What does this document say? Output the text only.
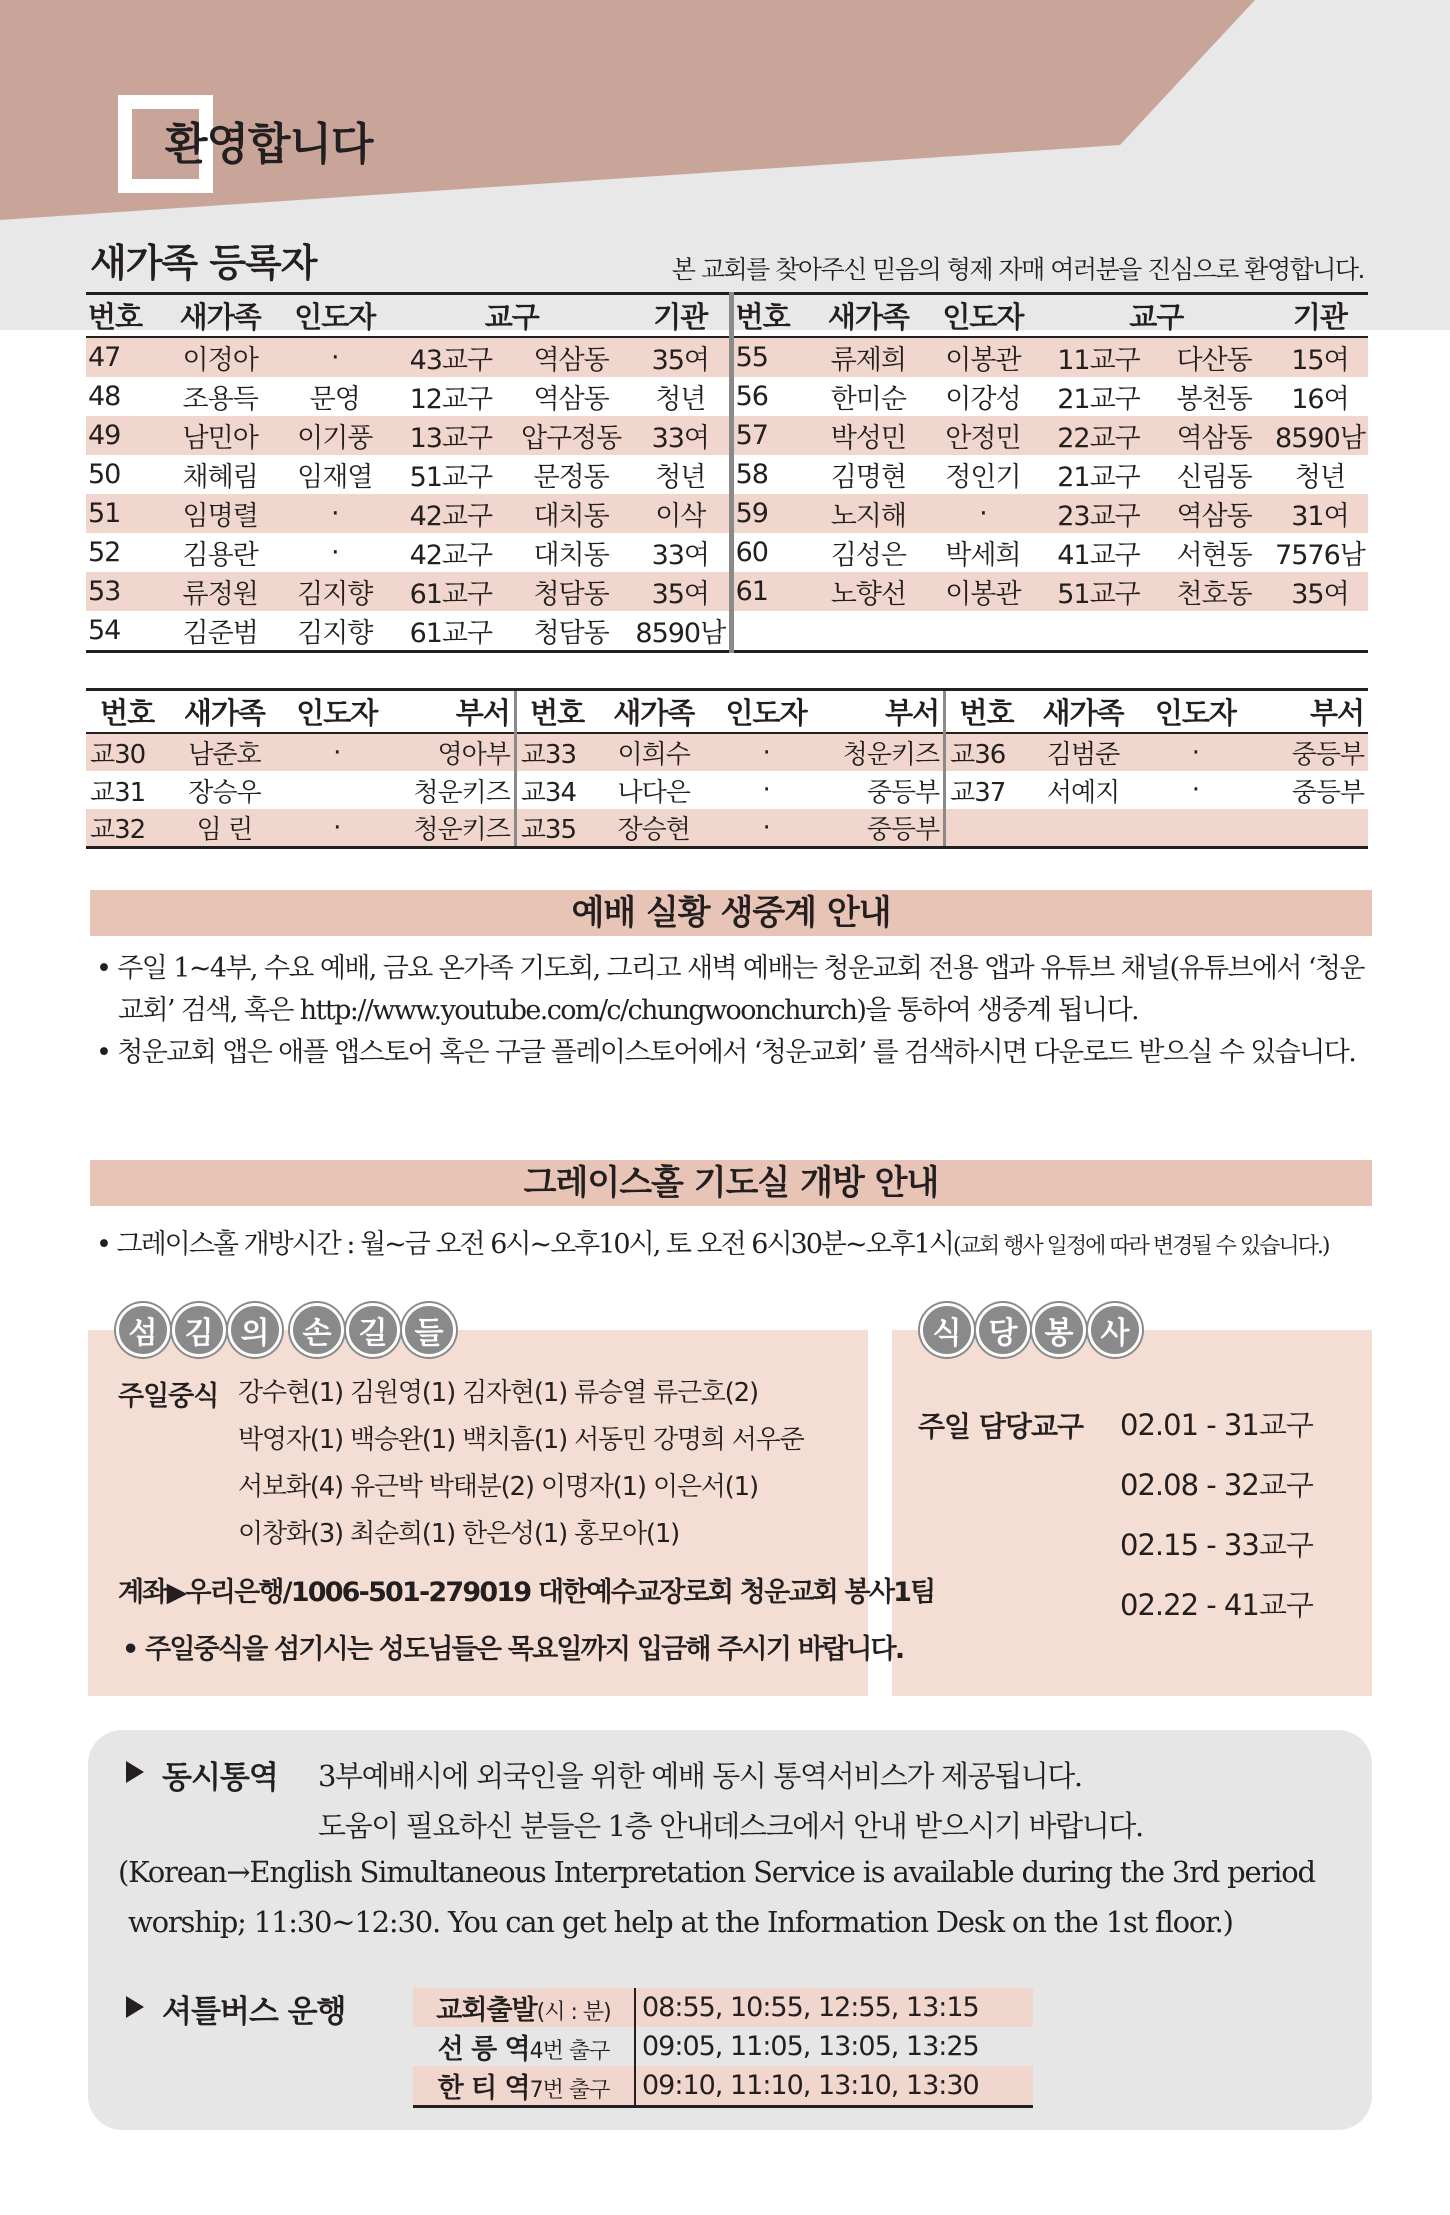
환영합니다
새가족 등록자	본 교회를 찾아주신 믿음의 형제 자매 여러분을 진심으로 환영합니다.
번호	새가족	인도자	교구		기관	번호	새가족	인도자	교구		기관
47	이정아	·	43교구	역삼동	35여	55	류제희	이봉관	11교구	다산동	15여
48	조용득	문영	12교구	역삼동	청년	56	한미순	이강성	21교구	봉천동	16여
49	남민아	이기풍	13교구	압구정동	33여	57	박성민	안정민	22교구	역삼동	8590남
50	채혜림	임재열	51교구	문정동	청년	58	김명현	정인기	21교구	신림동	청년
51	임명렬	·	42교구	대치동	이삭	59	노지해	·	23교구	역삼동	31여
52	김용란	·	42교구	대치동	33여	60	김성은	박세희	41교구	서현동	7576남
53	류정원	김지향	61교구	청담동	35여	61	노향선	이봉관	51교구	천호동	35여
54	김준범	김지향	61교구	청담동	8590남						
번호	새가족	인도자	부서	번호	새가족	인도자	부서	번호	새가족	인도자	부서
교30	남준호	·	영아부	교33	이희수	·	청운키즈	교36	김범준	·	중등부
교31	장승우		청운키즈	교34	나다은	·	중등부	교37	서예지	·	중등부
교32	임 린	·	청운키즈	교35	장승현	·	중등부				
예배 실황 생중계 안내
• 주일 1~4부, 수요 예배, 금요 온가족 기도회, 그리고 새벽 예배는 청운교회 전용 앱과 유튜브 채널(유튜브에서 ‘청운교회’ 검색, 혹은 http://www.youtube.com/c/chungwoonchurch)을 통하여 생중계 됩니다.
• 청운교회 앱은 애플 앱스토어 혹은 구글 플레이스토어에서 ‘청운교회’ 를 검색하시면 다운로드 받으실 수 있습니다.
그레이스홀 기도실 개방 안내
• 그레이스홀 개방시간 : 월~금 오전 6시~오후10시, 토 오전 6시30분~오후1시(교회 행사 일정에 따라 변경될 수 있습니다.)
섬 김 의	손 길 들	식 당 봉 사
주일중식 강수현(1) 김원영(1) 김자현(1) 류승열 류근호(2)
박영자(1) 백승완(1) 백치흠(1) 서동민 강명희 서우준
서보화(4) 유근박 박태분(2) 이명자(1) 이은서(1)
이창화(3) 최순희(1) 한은성(1) 홍모아(1)
계좌▶우리은행/1006-501-279019 대한예수교장로회 청운교회 봉사1팀
• 주일중식을 섬기시는 성도님들은 목요일까지 입금해 주시기 바랍니다.
주일 담당교구 02.01 - 31교구
02.08 - 32교구
02.15 - 33교구
02.22 - 41교구
동시통역 3부예배시에 외국인을 위한 예배 동시 통역서비스가 제공됩니다.
도움이 필요하신 분들은 1층 안내데스크에서 안내 받으시기 바랍니다.
(Korean→English Simultaneous Interpretation Service is available during the 3rd period
worship; 11:30~12:30. You can get help at the Information Desk on the 1st floor.)
셔틀버스 운행	교회출발(시 : 분)	08:55, 10:55, 12:55, 13:15
선 릉 역4번 출구	09:05, 11:05, 13:05, 13:25
한 티 역7번 출구	09:10, 11:10, 13:10, 13:30
